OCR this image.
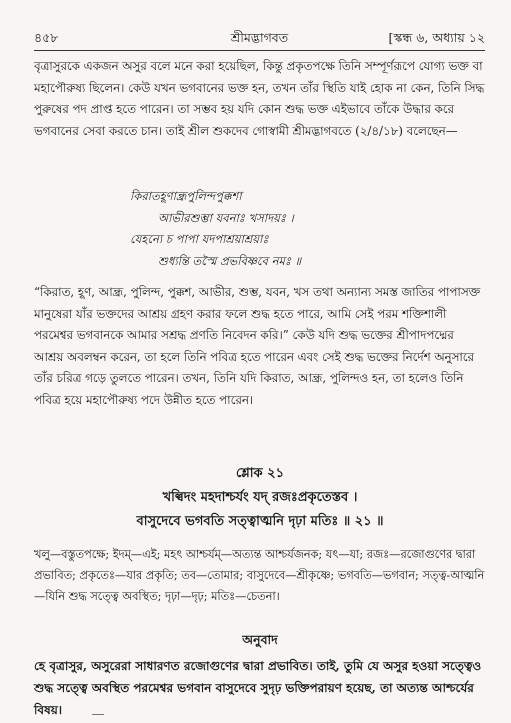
৪৫৮	শ্রীমদ্ভাগবত	[স্কন্ধ ৬, অধ্যায় ১২

বৃত্রাসুরকে একজন অসুর বলে মনে করা হয়েছিল, কিন্তু প্রকৃতপক্ষে তিনি সম্পূর্ণরূপে যোগ্য ভক্ত বা মহাপৌরুষ্য ছিলেন। কেউ যখন ভগবানের ভক্ত হন, তখন তাঁর স্থিতি যাই হোক না কেন, তিনি সিদ্ধ পুরুষের পদ প্রাপ্ত হতে পারেন। তা সম্ভব হয় যদি কোন শুদ্ধ ভক্ত এইভাবে তাঁকে উদ্ধার করে ভগবানের সেবা করতে চান। তাই শ্রীল শুকদেব গোস্বামী শ্রীমদ্ভাগবতে (২/৪/১৮) বলেছেন—

কিরাতহূণান্ধ্রপুলিন্দপুক্কশা
আভীরশুম্ভা যবনাঃ খসাদয়ঃ ।
যেহন্যে চ পাপা যদপাশ্রয়াশ্রয়াঃ
শুধ্যন্তি তস্মৈ প্রভবিষ্ণবে নমঃ ॥

“কিরাত, হূণ, আন্ধ্র, পুলিন্দ, পুক্কশ, আভীর, শুম্ভ, যবন, খস তথা অন্যান্য সমস্ত জাতির পাপাসক্ত মানুষেরা যাঁর ভক্তদের আশ্রয় গ্রহণ করার ফলে শুদ্ধ হতে পারে, আমি সেই পরম শক্তিশালী পরমেশ্বর ভগবানকে আমার সশ্রদ্ধ প্রণতি নিবেদন করি।” কেউ যদি শুদ্ধ ভক্তের শ্রীপাদপদ্মের আশ্রয় অবলম্বন করেন, তা হলে তিনি পবিত্র হতে পারেন এবং সেই শুদ্ধ ভক্তের নির্দেশ অনুসারে তাঁর চরিত্র গড়ে তুলতে পারেন। তখন, তিনি যদি কিরাত, আন্ধ্র, পুলিন্দও হন, তা হলেও তিনি পবিত্র হয়ে মহাপৌরুষ্য পদে উন্নীত হতে পারেন।

শ্লোক ২১
খল্বিদং মহদাশ্চর্যং যদ্ রজঃপ্রকৃতেস্তব ।
বাসুদেবে ভগবতি সত্ত্বাত্মনি দৃঢ়া মতিঃ ॥ ২১ ॥

খলু—বস্তুতপক্ষে; ইদম্—এই; মহৎ আশ্চর্যম্—অত্যন্ত আশ্চর্যজনক; যৎ—যা; রজঃ—রজোগুণের দ্বারা প্রভাবিত; প্রকৃতেঃ—যার প্রকৃতি; তব—তোমার; বাসুদেবে—শ্রীকৃষ্ণে; ভগবতি—ভগবান; সত্ত্ব-আত্মনি—যিনি শুদ্ধ সত্ত্বে অবস্থিত; দৃঢ়া—দৃঢ়; মতিঃ—চেতনা।

অনুবাদ

হে বৃত্রাসুর, অসুরেরা সাধারণত রজোগুণের দ্বারা প্রভাবিত। তাই, তুমি যে অসুর হওয়া সত্ত্বেও শুদ্ধ সত্ত্বে অবস্থিত পরমেশ্বর ভগবান বাসুদেবে সুদৃঢ় ভক্তিপরায়ণ হয়েছ, তা অত্যন্ত আশ্চর্যের বিষয়।
